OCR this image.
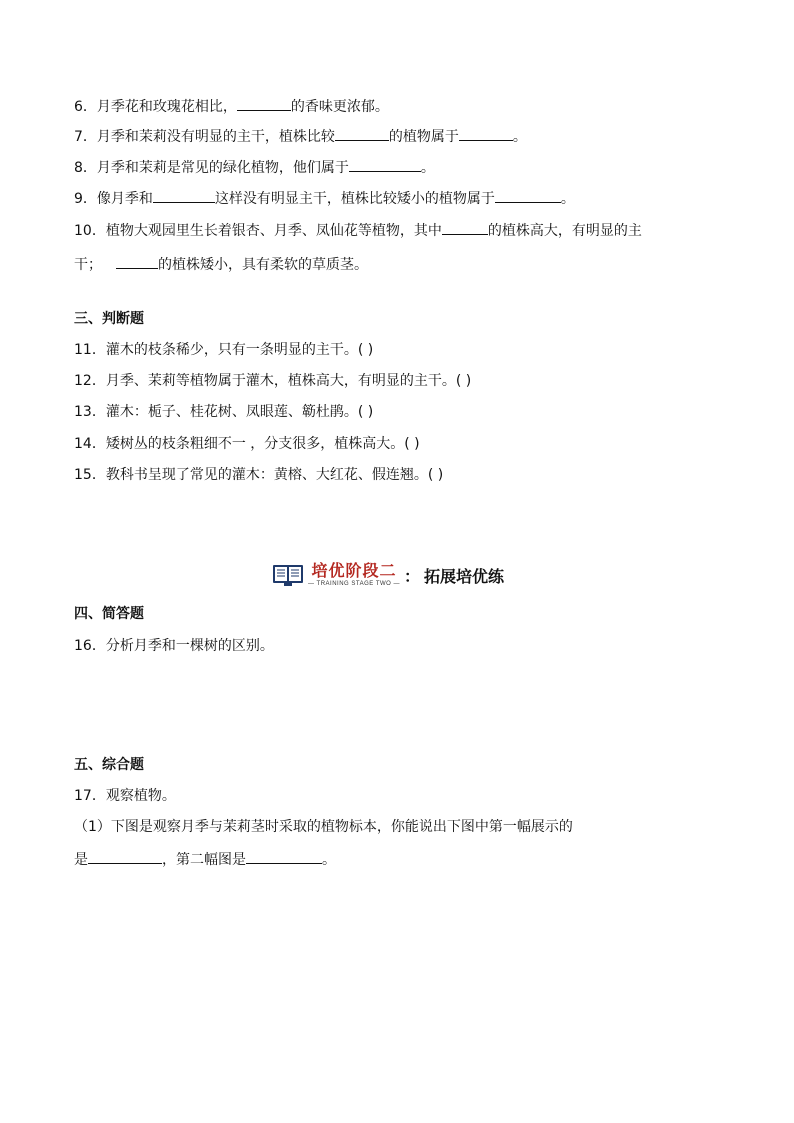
6．月季花和玫瑰花相比，	的香味更浓郁。
7．月季和茉莉没有明显的主干，植株比较	的植物属于	。
8．月季和茉莉是常见的绿化植物，他们属于	。
9．像月季和	这样没有明显主干，植株比较矮小的植物属于	。
10．植物大观园里生长着银杏、月季、凤仙花等植物，其中	的植株高大，有明显的主
干；	的植株矮小，具有柔软的草质茎。
三、判断题
11．灌木的枝条稀少，只有一条明显的主干。( )
12．月季、茉莉等植物属于灌木，植株高大，有明显的主干。( )
13．灌木：栀子、桂花树、凤眼莲、簕杜鹃。( )
14．矮树丛的枝条粗细不一 ，分支很多，植株高大。( )
15．教科书呈现了常见的灌木：黄榕、大红花、假连翘。( )
培优阶段二
— TRAINING STAGE TWO — ： 拓展培优练
四、简答题
16．分析月季和一棵树的区别。
五、综合题
17．观察植物。
（1）下图是观察月季与茉莉茎时采取的植物标本，你能说出下图中第一幅展示的
是	，第二幅图是	。
